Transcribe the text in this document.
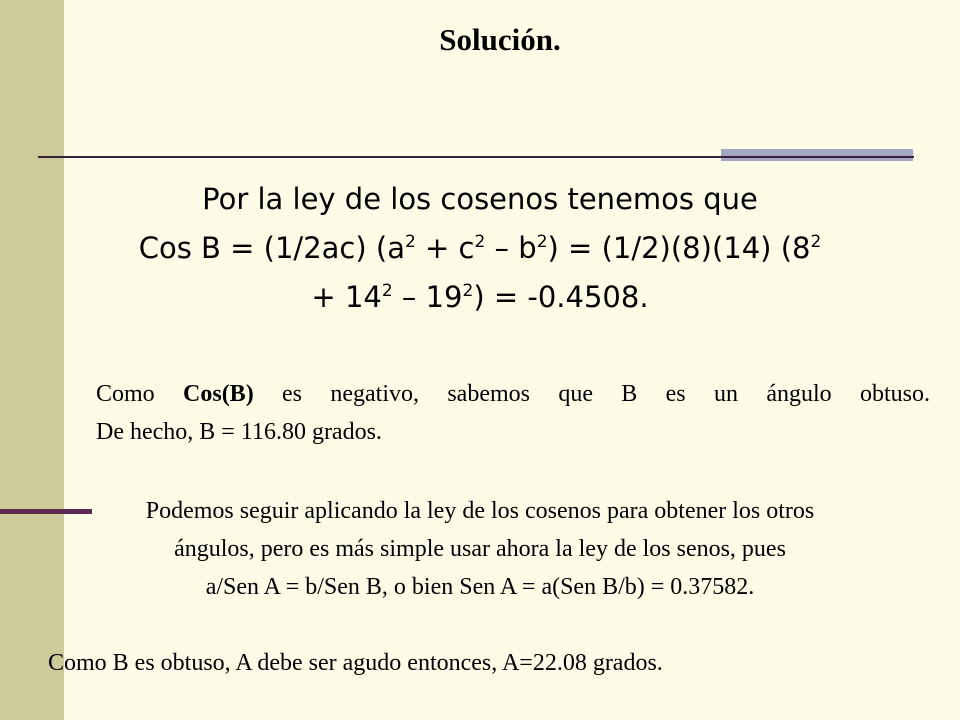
Solución.
Por la ley de los cosenos tenemos que
Cos B = (1/2ac) $(a^2 + c^2 - b^2) = (1/2)(8)(14)$ ($8^2$
+ $14^2 - 19^2) = -0.4508$.
Como Cos(B) es negativo, sabemos que B es un ángulo obtuso.
De hecho, B = 116.80 grados.
Podemos seguir aplicando la ley de los cosenos para obtener los otros
ángulos, pero es más simple usar ahora la ley de los senos, pues
a/Sen A = b/Sen B, o bien Sen A = a(Sen B/b) = 0.37582.
Como B es obtuso, A debe ser agudo entonces, A=22.08 grados.
